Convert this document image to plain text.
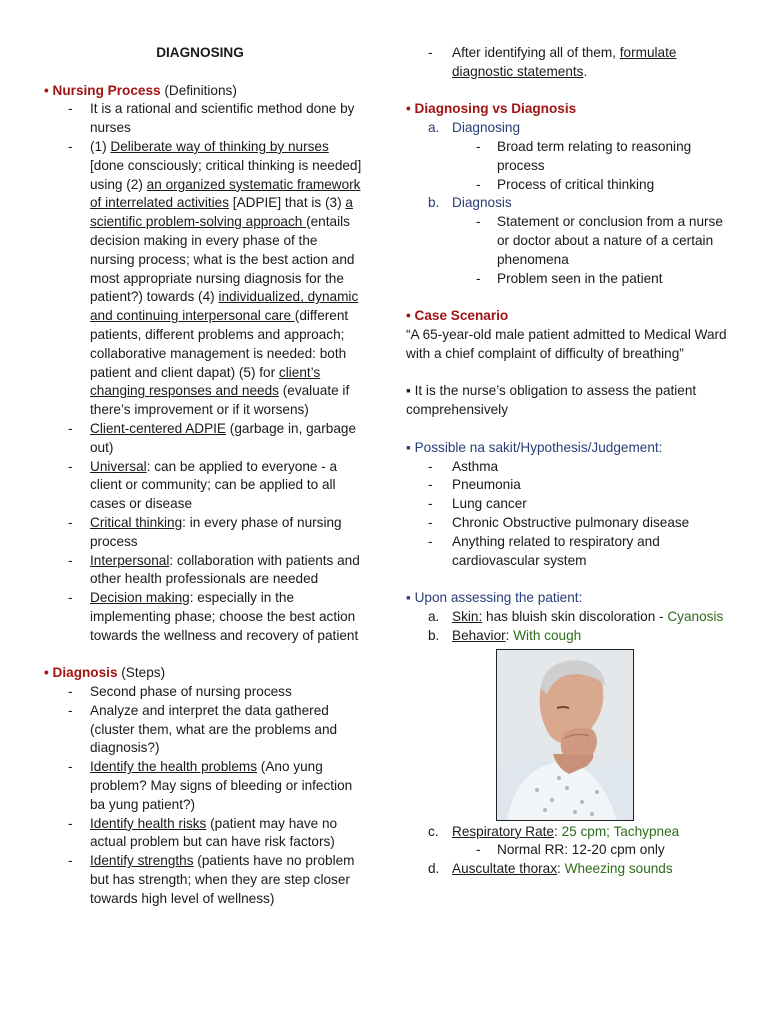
DIAGNOSING
• Nursing Process (Definitions)
- It is a rational and scientific method done by nurses
- (1) Deliberate way of thinking by nurses [done consciously; critical thinking is needed] using (2) an organized systematic framework of interrelated activities [ADPIE] that is (3) a scientific problem-solving approach (entails decision making in every phase of the nursing process; what is the best action and most appropriate nursing diagnosis for the patient?) towards (4) individualized, dynamic and continuing interpersonal care (different patients, different problems and approach; collaborative management is needed: both patient and client dapat) (5) for client’s changing responses and needs (evaluate if there’s improvement or if it worsens)
- Client-centered ADPIE (garbage in, garbage out)
- Universal: can be applied to everyone - a client or community; can be applied to all cases or disease
- Critical thinking: in every phase of nursing process
- Interpersonal: collaboration with patients and other health professionals are needed
- Decision making: especially in the implementing phase; choose the best action towards the wellness and recovery of patient
• Diagnosis (Steps)
- Second phase of nursing process
- Analyze and interpret the data gathered (cluster them, what are the problems and diagnosis?)
- Identify the health problems (Ano yung problem? May signs of bleeding or infection ba yung patient?)
- Identify health risks (patient may have no actual problem but can have risk factors)
- Identify strengths (patients have no problem but has strength; when they are step closer towards high level of wellness)
- After identifying all of them, formulate diagnostic statements.
• Diagnosing vs Diagnosis
a. Diagnosing
- Broad term relating to reasoning process
- Process of critical thinking
b. Diagnosis
- Statement or conclusion from a nurse or doctor about a nature of a certain phenomena
- Problem seen in the patient
• Case Scenario
“A 65-year-old male patient admitted to Medical Ward with a chief complaint of difficulty of breathing”
▪ It is the nurse’s obligation to assess the patient comprehensively
▪ Possible na sakit/Hypothesis/Judgement:
- Asthma
- Pneumonia
- Lung cancer
- Chronic Obstructive pulmonary disease
- Anything related to respiratory and cardiovascular system
▪ Upon assessing the patient:
a. Skin: has bluish skin discoloration - Cyanosis
b. Behavior: With cough
c. Respiratory Rate: 25 cpm; Tachypnea
- Normal RR: 12-20 cpm only
d. Auscultate thorax: Wheezing sounds
